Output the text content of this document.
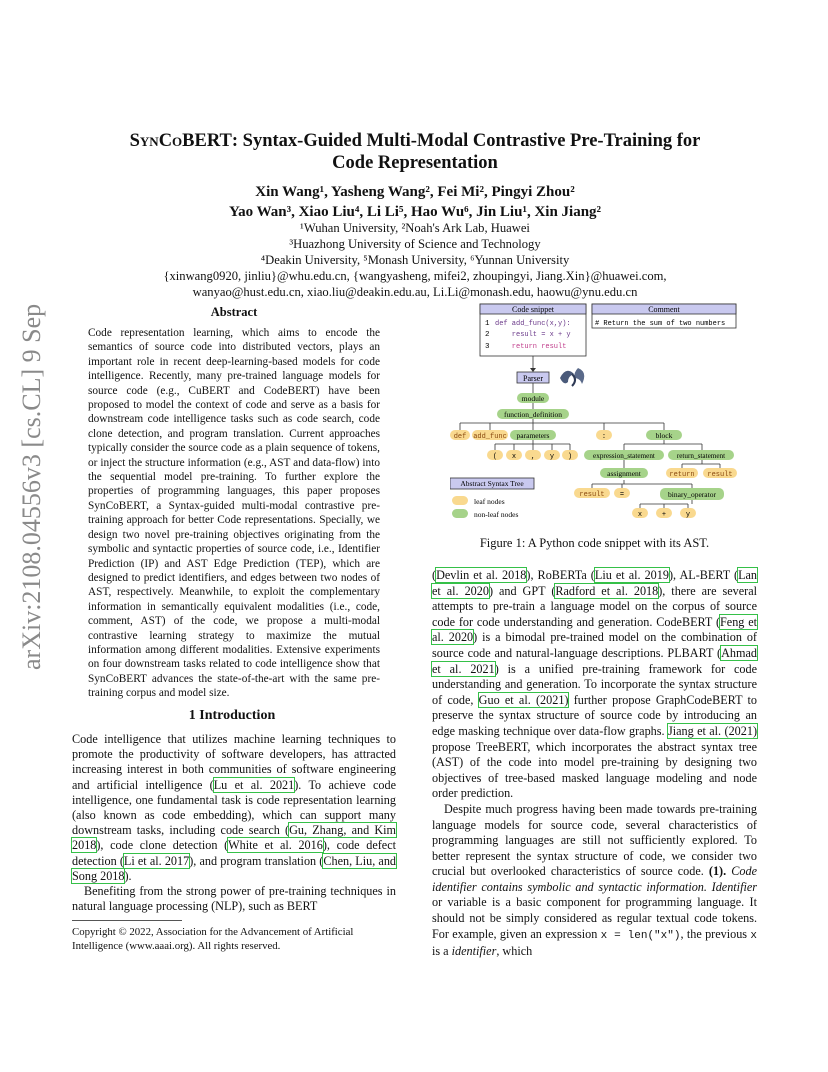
arXiv:2108.04556v3 [cs.CL] 9 Sep 2021
SynCoBERT: Syntax-Guided Multi-Modal Contrastive Pre-Training for
Code Representation
Xin Wang¹, Yasheng Wang², Fei Mi², Pingyi Zhou²
Yao Wan³, Xiao Liu⁴, Li Li⁵, Hao Wu⁶, Jin Liu¹, Xin Jiang²
¹Wuhan University, ²Noah's Ark Lab, Huawei
³Huazhong University of Science and Technology
⁴Deakin University, ⁵Monash University, ⁶Yunnan University
{xinwang0920, jinliu}@whu.edu.cn, {wangyasheng, mifei2, zhoupingyi, Jiang.Xin}@huawei.com,
wanyao@hust.edu.cn, xiao.liu@deakin.edu.au, Li.Li@monash.edu, haowu@ynu.edu.cn
Abstract
Code representation learning, which aims to encode the semantics of source code into distributed vectors, plays an important role in recent deep-learning-based models for code intelligence. Recently, many pre-trained language models for source code (e.g., CuBERT and CodeBERT) have been proposed to model the context of code and serve as a basis for downstream code intelligence tasks such as code search, code clone detection, and program translation. Current approaches typically consider the source code as a plain sequence of tokens, or inject the structure information (e.g., AST and data-flow) into the sequential model pre-training. To further explore the properties of programming languages, this paper proposes SynCoBERT, a Syntax-guided multi-modal contrastive pre-training approach for better Code representations. Specially, we design two novel pre-training objectives originating from the symbolic and syntactic properties of source code, i.e., Identifier Prediction (IP) and AST Edge Prediction (TEP), which are designed to predict identifiers, and edges between two nodes of AST, respectively. Meanwhile, to exploit the complementary information in semantically equivalent modalities (i.e., code, comment, AST) of the code, we propose a multi-modal contrastive learning strategy to maximize the mutual information among different modalities. Extensive experiments on four downstream tasks related to code intelligence show that SynCoBERT advances the state-of-the-art with the same pre-training corpus and model size.
1 Introduction

Code intelligence that utilizes machine learning techniques to promote the productivity of software developers, has attracted increasing interest in both communities of software engineering and artificial intelligence (Lu et al. 2021). To achieve code intelligence, one fundamental task is code representation learning (also known as code embedding), which can support many downstream tasks, including code search (Gu, Zhang, and Kim 2018), code clone detection (White et al. 2016), code defect detection (Li et al. 2017), and program translation (Chen, Liu, and Song 2018).

Benefiting from the strong power of pre-training techniques in natural language processing (NLP), such as BERT

Copyright © 2022, Association for the Advancement of Artificial Intelligence (www.aaai.org). All rights reserved.
Code snippet
1 def add_func(x,y):
2 result = x + y
3 return result
Comment
# Return the sum of two numbers
Parser
module
function_definition
parameters	block
expression_statement	return_statement
assignment
binary_operator
def add_func	:
( x , y )
return result
result =
x	+	y
Abstract Syntax Tree
leaf nodes
non-leaf nodes
Figure 1: A Python code snippet with its AST.

(Devlin et al. 2018), RoBERTa (Liu et al. 2019), AL-BERT (Lan et al. 2020) and GPT (Radford et al. 2018), there are several attempts to pre-train a language model on the corpus of source code for code understanding and generation. CodeBERT (Feng et al. 2020) is a bimodal pre-trained model on the combination of source code and natural-language descriptions. PLBART (Ahmad et al. 2021) is a unified pre-training framework for code understanding and generation. To incorporate the syntax structure of code, Guo et al. (2021) further propose GraphCodeBERT to preserve the syntax structure of source code by introducing an edge masking technique over data-flow graphs. Jiang et al. (2021) propose TreeBERT, which incorporates the abstract syntax tree (AST) of the code into model pre-training by designing two objectives of tree-based masked language modeling and node order prediction.

Despite much progress having been made towards pre-training language models for source code, several characteristics of programming languages are still not sufficiently explored. To better represent the syntax structure of code, we consider two crucial but overlooked characteristics of source code. (1). Code identifier contains symbolic and syntactic information. Identifier or variable is a basic component for programming language. It should not be simply considered as regular textual code tokens. For example, given an expression x = len("x"), the previous x is a identifier, which
